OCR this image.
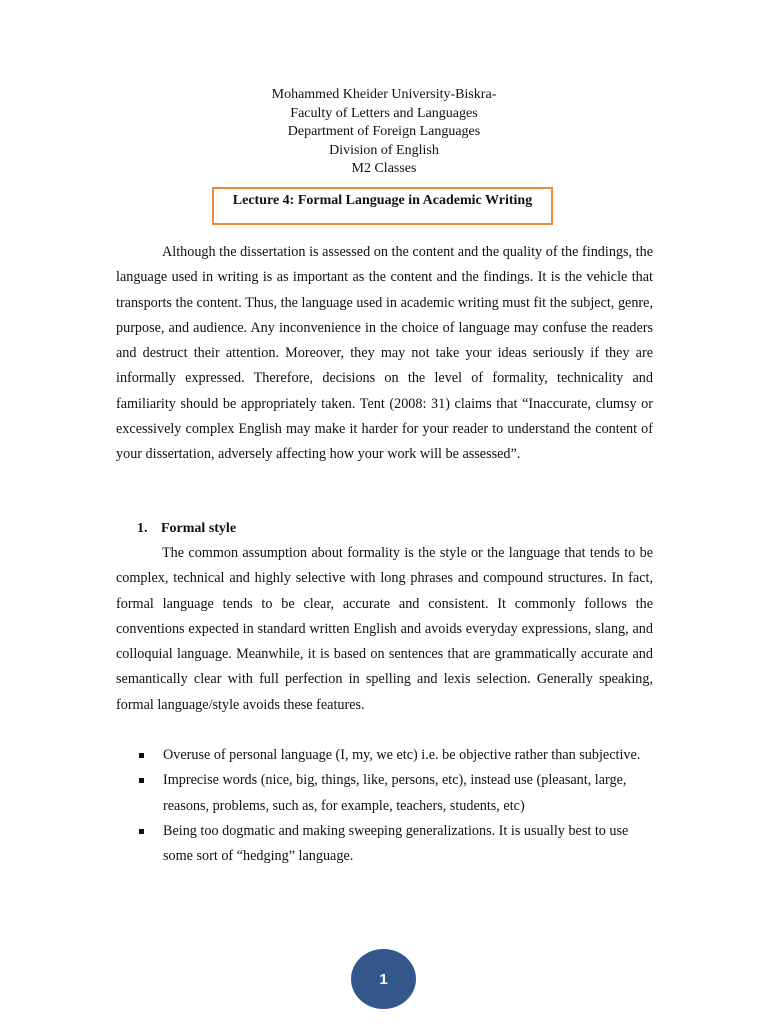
Mohammed Kheider University-Biskra-
Faculty of Letters and Languages
Department of Foreign Languages
Division of English
M2 Classes
Lecture 4: Formal Language in Academic Writing
Although the dissertation is assessed on the content and the quality of the findings, the language used in writing is as important as the content and the findings. It is the vehicle that transports the content. Thus, the language used in academic writing must fit the subject, genre, purpose, and audience. Any inconvenience in the choice of language may confuse the readers and destruct their attention. Moreover, they may not take your ideas seriously if they are informally expressed. Therefore, decisions on the level of formality, technicality and familiarity should be appropriately taken. Tent (2008: 31) claims that “Inaccurate, clumsy or excessively complex English may make it harder for your reader to understand the content of your dissertation, adversely affecting how your work will be assessed”.
1. Formal style

The common assumption about formality is the style or the language that tends to be complex, technical and highly selective with long phrases and compound structures. In fact, formal language tends to be clear, accurate and consistent. It commonly follows the conventions expected in standard written English and avoids everyday expressions, slang, and colloquial language. Meanwhile, it is based on sentences that are grammatically accurate and semantically clear with full perfection in spelling and lexis selection. Generally speaking, formal language/style avoids these features.

Overuse of personal language (I, my, we etc) i.e. be objective rather than subjective.
Imprecise words (nice, big, things, like, persons, etc), instead use (pleasant, large, reasons, problems, such as, for example, teachers, students, etc)
Being too dogmatic and making sweeping generalizations. It is usually best to use some sort of “hedging” language.
1
